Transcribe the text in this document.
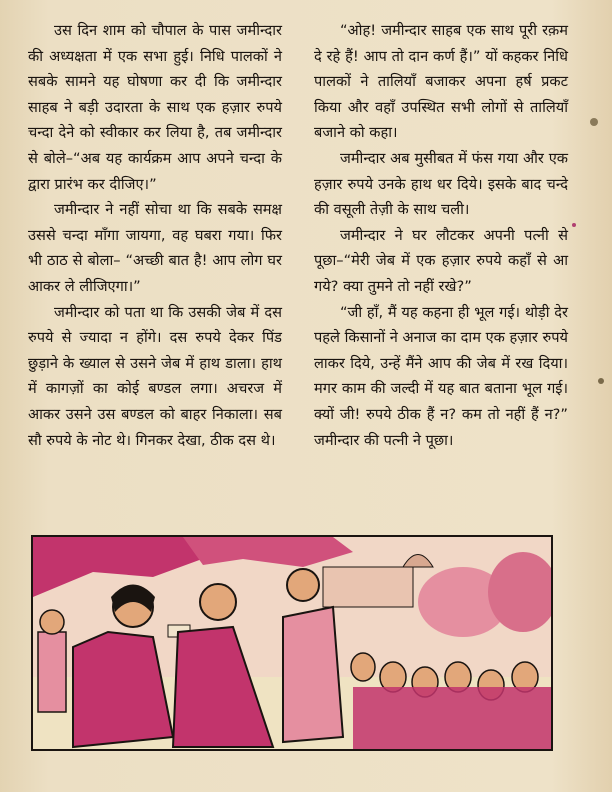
उस दिन शाम को चौपाल के पास जमीन्दार की अध्यक्षता में एक सभा हुई। निधि पालकों ने सबके सामने यह घोषणा कर दी कि जमीन्दार साहब ने बड़ी उदारता के साथ एक हज़ार रुपये चन्दा देने को स्वीकार कर लिया है, तब जमीन्दार से बोले–“अब यह कार्यक्रम आप अपने चन्दा के द्वारा प्रारंभ कर दीजिए।”

जमीन्दार ने नहीं सोचा था कि सबके समक्ष उससे चन्दा माँगा जायगा, वह घबरा गया। फिर भी ठाठ से बोला– “अच्छी बात है! आप लोग घर आकर ले लीजिएगा।”

जमीन्दार को पता था कि उसकी जेब में दस रुपये से ज्यादा न होंगे। दस रुपये देकर पिंड छुड़ाने के ख्याल से उसने जेब में हाथ डाला। हाथ में कागज़ों का कोई बण्डल लगा। अचरज में आकर उसने उस बण्डल को बाहर निकाला। सब सौ रुपये के नोट थे। गिनकर देखा, ठीक दस थे।

“ओह! जमीन्दार साहब एक साथ पूरी रक़म दे रहे हैं! आप तो दान कर्ण हैं।” यों कहकर निधि पालकों ने तालियाँ बजाकर अपना हर्ष प्रकट किया और वहाँ उपस्थित सभी लोगों से तालियाँ बजाने को कहा।

जमीन्दार अब मुसीबत में फंस गया और एक हज़ार रुपये उनके हाथ धर दिये। इसके बाद चन्दे की वसूली तेज़ी के साथ चली।

जमीन्दार ने घर लौटकर अपनी पत्नी से पूछा–“मेरी जेब में एक हज़ार रुपये कहाँ से आ गये? क्या तुमने तो नहीं रखे?”

“जी हाँ, मैं यह कहना ही भूल गई। थोड़ी देर पहले किसानों ने अनाज का दाम एक हज़ार रुपये लाकर दिये, उन्हें मैंने आप की जेब में रख दिया। मगर काम की जल्दी में यह बात बताना भूल गई। क्यों जी! रुपये ठीक हैं न? कम तो नहीं हैं न?” जमीन्दार की पत्नी ने पूछा।
